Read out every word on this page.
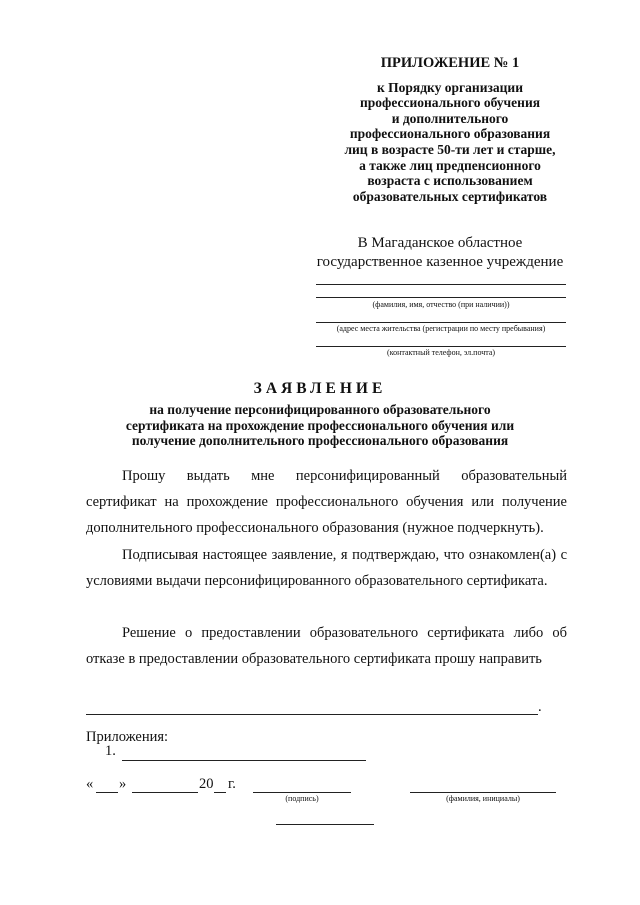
ПРИЛОЖЕНИЕ № 1
к Порядку организации
профессионального обучения
и дополнительного
профессионального образования
лиц в возрасте 50-ти лет и старше,
а также лиц предпенсионного
возраста с использованием
образовательных сертификатов
В Магаданское областное
государственное казенное учреждение
(фамилия, имя, отчество (при наличии))
(адрес места жительства (регистрации по месту пребывания)
(контактный телефон, эл.почта)
ЗАЯВЛЕНИЕ
на получение персонифицированного образовательного
сертификата на прохождение профессионального обучения или
получение дополнительного профессионального образования
Прошу выдать мне персонифицированный образовательный сертификат на прохождение профессионального обучения или получение дополнительного профессионального образования (нужное подчеркнуть).
Подписывая настоящее заявление, я подтверждаю, что ознакомлен(а) с условиями выдачи персонифицированного образовательного сертификата.
Решение о предоставлении образовательного сертификата либо об отказе в предоставлении образовательного сертификата прошу направить
.
Приложения:
1.
« »	20 г.
(подпись)	(фамилия, инициалы)
